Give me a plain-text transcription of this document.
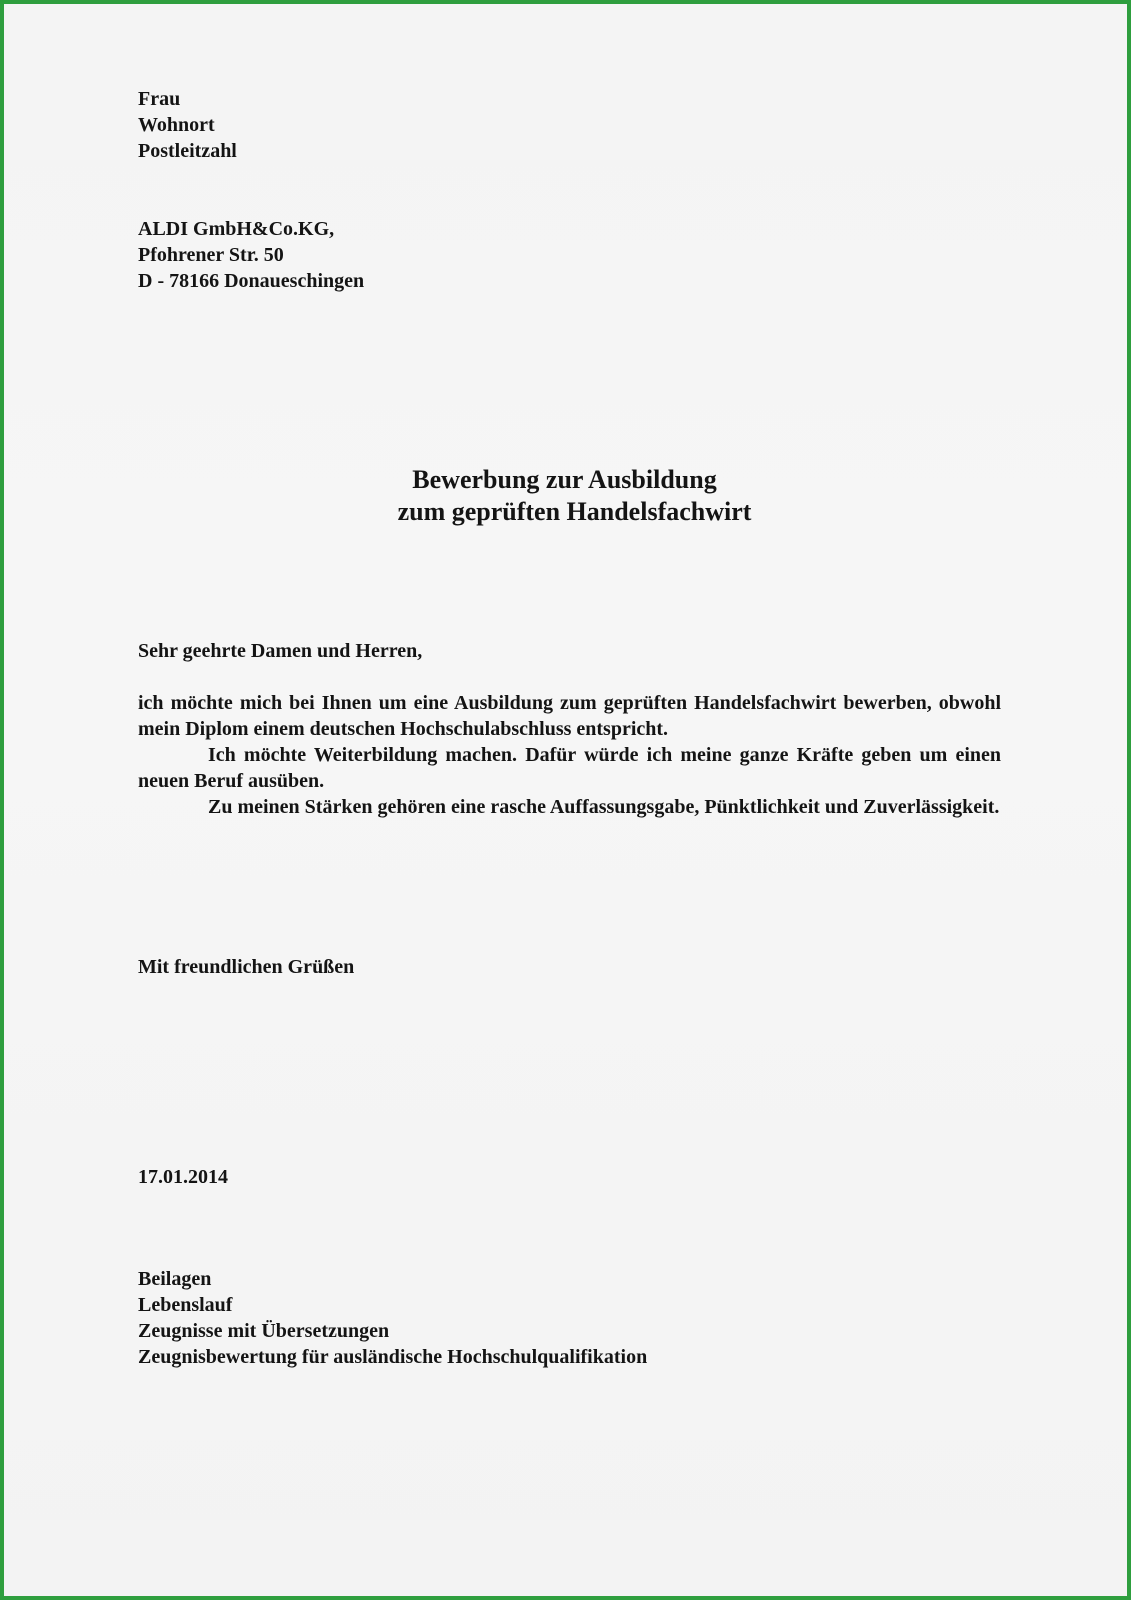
Frau
Wohnort
Postleitzahl
ALDI GmbH&Co.KG,
Pfohrener Str. 50
D - 78166 Donaueschingen
Bewerbung zur Ausbildung
zum geprüften Handelsfachwirt
Sehr geehrte Damen und Herren,

ich möchte mich bei Ihnen um eine Ausbildung zum geprüften Handelsfachwirt bewerben, obwohl mein Diplom einem deutschen Hochschulabschluss entspricht.

Ich möchte Weiterbildung machen. Dafür würde ich meine ganze Kräfte geben um einen neuen Beruf ausüben.

Zu meinen Stärken gehören eine rasche Auffassungsgabe, Pünktlichkeit und Zuverlässigkeit.

Mit freundlichen Grüßen
17.01.2014
Beilagen
Lebenslauf
Zeugnisse mit Übersetzungen
Zeugnisbewertung für ausländische Hochschulqualifikation
